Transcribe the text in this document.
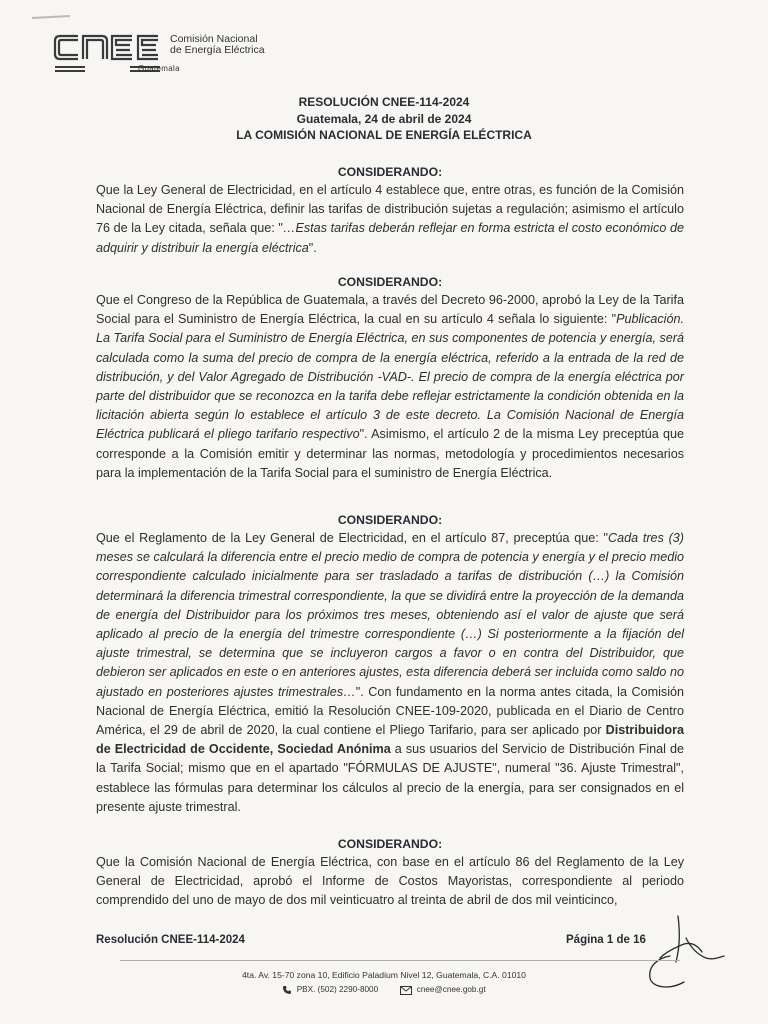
Comisión Nacional
de Energía Eléctrica
Guatemala
RESOLUCIÓN CNEE-114-2024
Guatemala, 24 de abril de 2024
LA COMISIÓN NACIONAL DE ENERGÍA ELÉCTRICA
CONSIDERANDO:

Que la Ley General de Electricidad, en el artículo 4 establece que, entre otras, es función de la Comisión Nacional de Energía Eléctrica, definir las tarifas de distribución sujetas a regulación; asimismo el artículo 76 de la Ley citada, señala que: "…Estas tarifas deberán reflejar en forma estricta el costo económico de adquirir y distribuir la energía eléctrica".

CONSIDERANDO:

Que el Congreso de la República de Guatemala, a través del Decreto 96-2000, aprobó la Ley de la Tarifa Social para el Suministro de Energía Eléctrica, la cual en su artículo 4 señala lo siguiente: "Publicación. La Tarifa Social para el Suministro de Energía Eléctrica, en sus componentes de potencia y energía, será calculada como la suma del precio de compra de la energía eléctrica, referido a la entrada de la red de distribución, y del Valor Agregado de Distribución -VAD-. El precio de compra de la energía eléctrica por parte del distribuidor que se reconozca en la tarifa debe reflejar estrictamente la condición obtenida en la licitación abierta según lo establece el artículo 3 de este decreto. La Comisión Nacional de Energía Eléctrica publicará el pliego tarifario respectivo". Asimismo, el artículo 2 de la misma Ley preceptúa que corresponde a la Comisión emitir y determinar las normas, metodología y procedimientos necesarios para la implementación de la Tarifa Social para el suministro de Energía Eléctrica.

CONSIDERANDO:

Que el Reglamento de la Ley General de Electricidad, en el artículo 87, preceptúa que: "Cada tres (3) meses se calculará la diferencia entre el precio medio de compra de potencia y energía y el precio medio correspondiente calculado inicialmente para ser trasladado a tarifas de distribución (…) la Comisión determinará la diferencia trimestral correspondiente, la que se dividirá entre la proyección de la demanda de energía del Distribuidor para los próximos tres meses, obteniendo así el valor de ajuste que será aplicado al precio de la energía del trimestre correspondiente (…) Si posteriormente a la fijación del ajuste trimestral, se determina que se incluyeron cargos a favor o en contra del Distribuidor, que debieron ser aplicados en este o en anteriores ajustes, esta diferencia deberá ser incluida como saldo no ajustado en posteriores ajustes trimestrales…". Con fundamento en la norma antes citada, la Comisión Nacional de Energía Eléctrica, emitió la Resolución CNEE-109-2020, publicada en el Diario de Centro América, el 29 de abril de 2020, la cual contiene el Pliego Tarifario, para ser aplicado por Distribuidora de Electricidad de Occidente, Sociedad Anónima a sus usuarios del Servicio de Distribución Final de la Tarifa Social; mismo que en el apartado "FÓRMULAS DE AJUSTE", numeral "36. Ajuste Trimestral", establece las fórmulas para determinar los cálculos al precio de la energía, para ser consignados en el presente ajuste trimestral.

CONSIDERANDO:

Que la Comisión Nacional de Energía Eléctrica, con base en el artículo 86 del Reglamento de la Ley General de Electricidad, aprobó el Informe de Costos Mayoristas, correspondiente al periodo comprendido del uno de mayo de dos mil veinticuatro al treinta de abril de dos mil veinticinco,

Resolución CNEE-114-2024	Página 1 de 16
4ta. Av. 15-70 zona 10, Edificio Paladium Nivel 12, Guatemala, C.A. 01010
PBX. (502) 2290-8000	cnee@cnee.gob.gt
